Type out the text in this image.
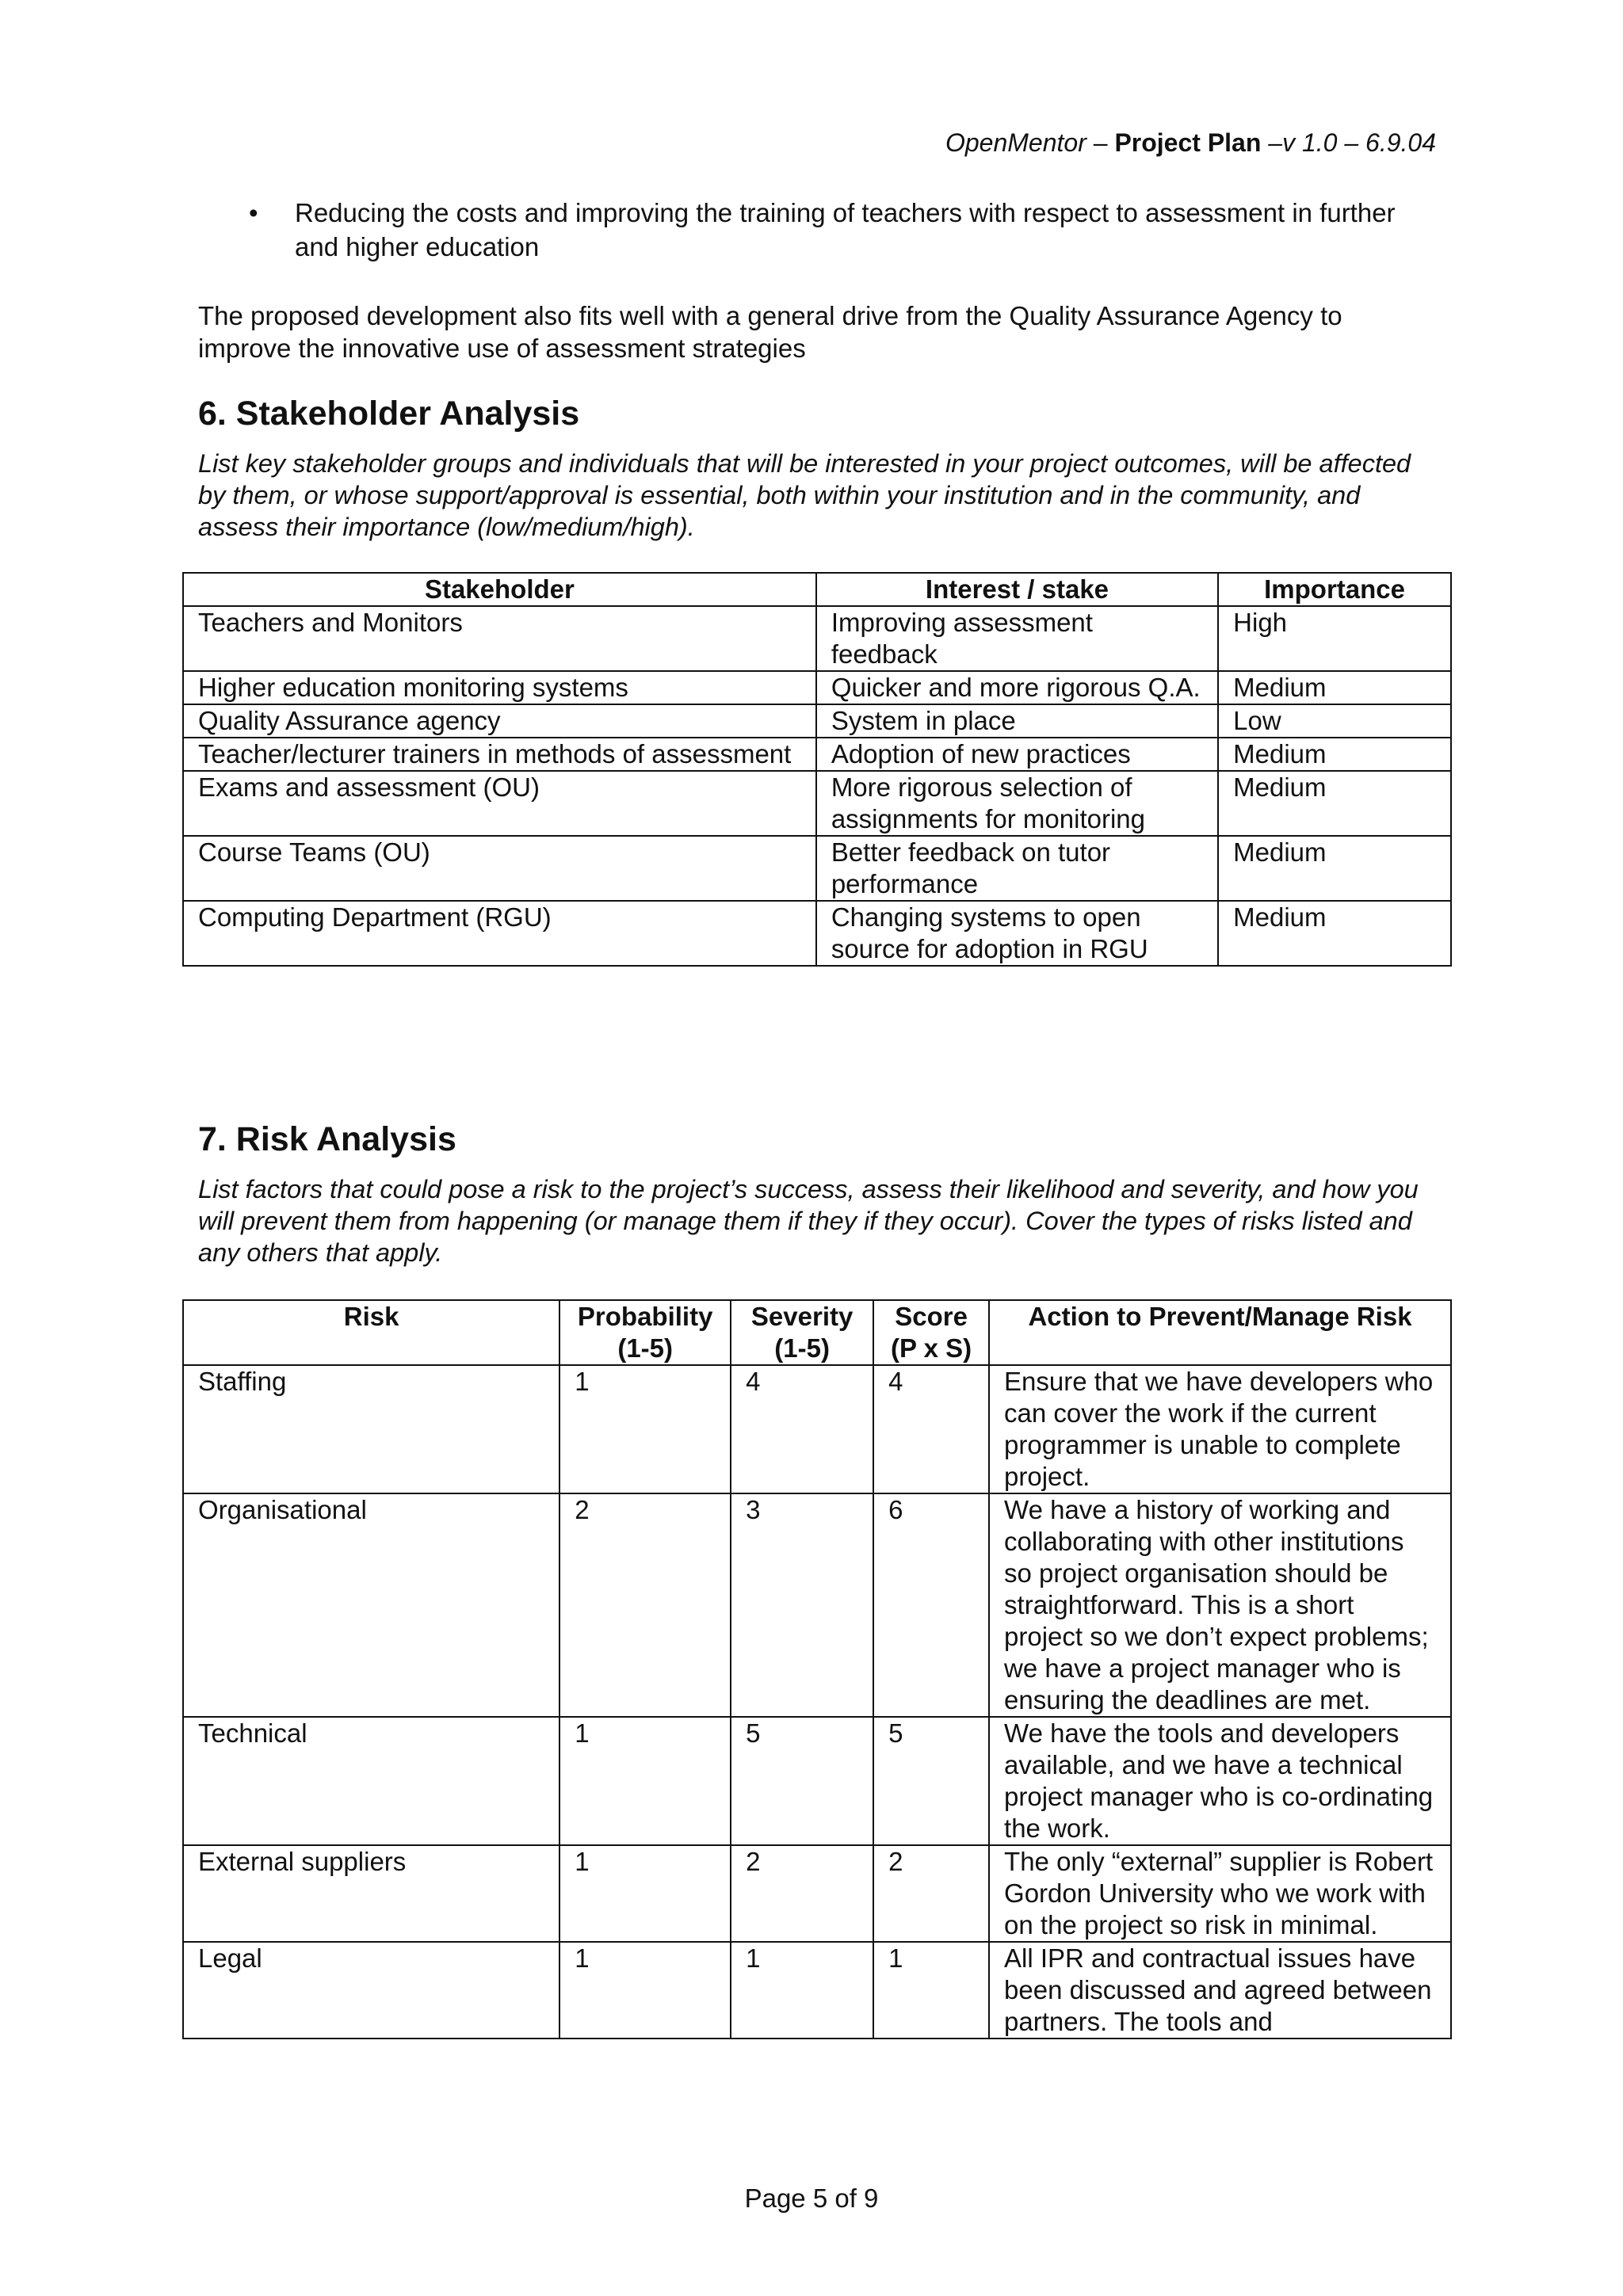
OpenMentor – Project Plan –v 1.0 – 6.9.04
• Reducing the costs and improving the training of teachers with respect to assessment in further and higher education

The proposed development also fits well with a general drive from the Quality Assurance Agency to improve the innovative use of assessment strategies

6. Stakeholder Analysis

List key stakeholder groups and individuals that will be interested in your project outcomes, will be affected by them, or whose support/approval is essential, both within your institution and in the community, and assess their importance (low/medium/high).

Stakeholder	Interest / stake	Importance
Teachers and Monitors	Improving assessment feedback	High
Higher education monitoring systems	Quicker and more rigorous Q.A.	Medium
Quality Assurance agency	System in place	Low
Teacher/lecturer trainers in methods of assessment	Adoption of new practices	Medium
Exams and assessment (OU)	More rigorous selection of assignments for monitoring	Medium
Course Teams (OU)	Better feedback on tutor performance	Medium
Computing Department (RGU)	Changing systems to open source for adoption in RGU	Medium
7. Risk Analysis

List factors that could pose a risk to the project’s success, assess their likelihood and severity, and how you will prevent them from happening (or manage them if they if they occur). Cover the types of risks listed and any others that apply.

Risk	Probability (1-5)	Severity (1-5)	Score (P x S)	Action to Prevent/Manage Risk
Staffing	1	4	4	Ensure that we have developers who can cover the work if the current programmer is unable to complete project.
Organisational	2	3	6	We have a history of working and collaborating with other institutions so project organisation should be straightforward. This is a short project so we don’t expect problems; we have a project manager who is ensuring the deadlines are met.
Technical	1	5	5	We have the tools and developers available, and we have a technical project manager who is co-ordinating the work.
External suppliers	1	2	2	The only “external” supplier is Robert Gordon University who we work with on the project so risk in minimal.
Legal	1	1	1	All IPR and contractual issues have been discussed and agreed between partners. The tools and
Page 5 of 9
